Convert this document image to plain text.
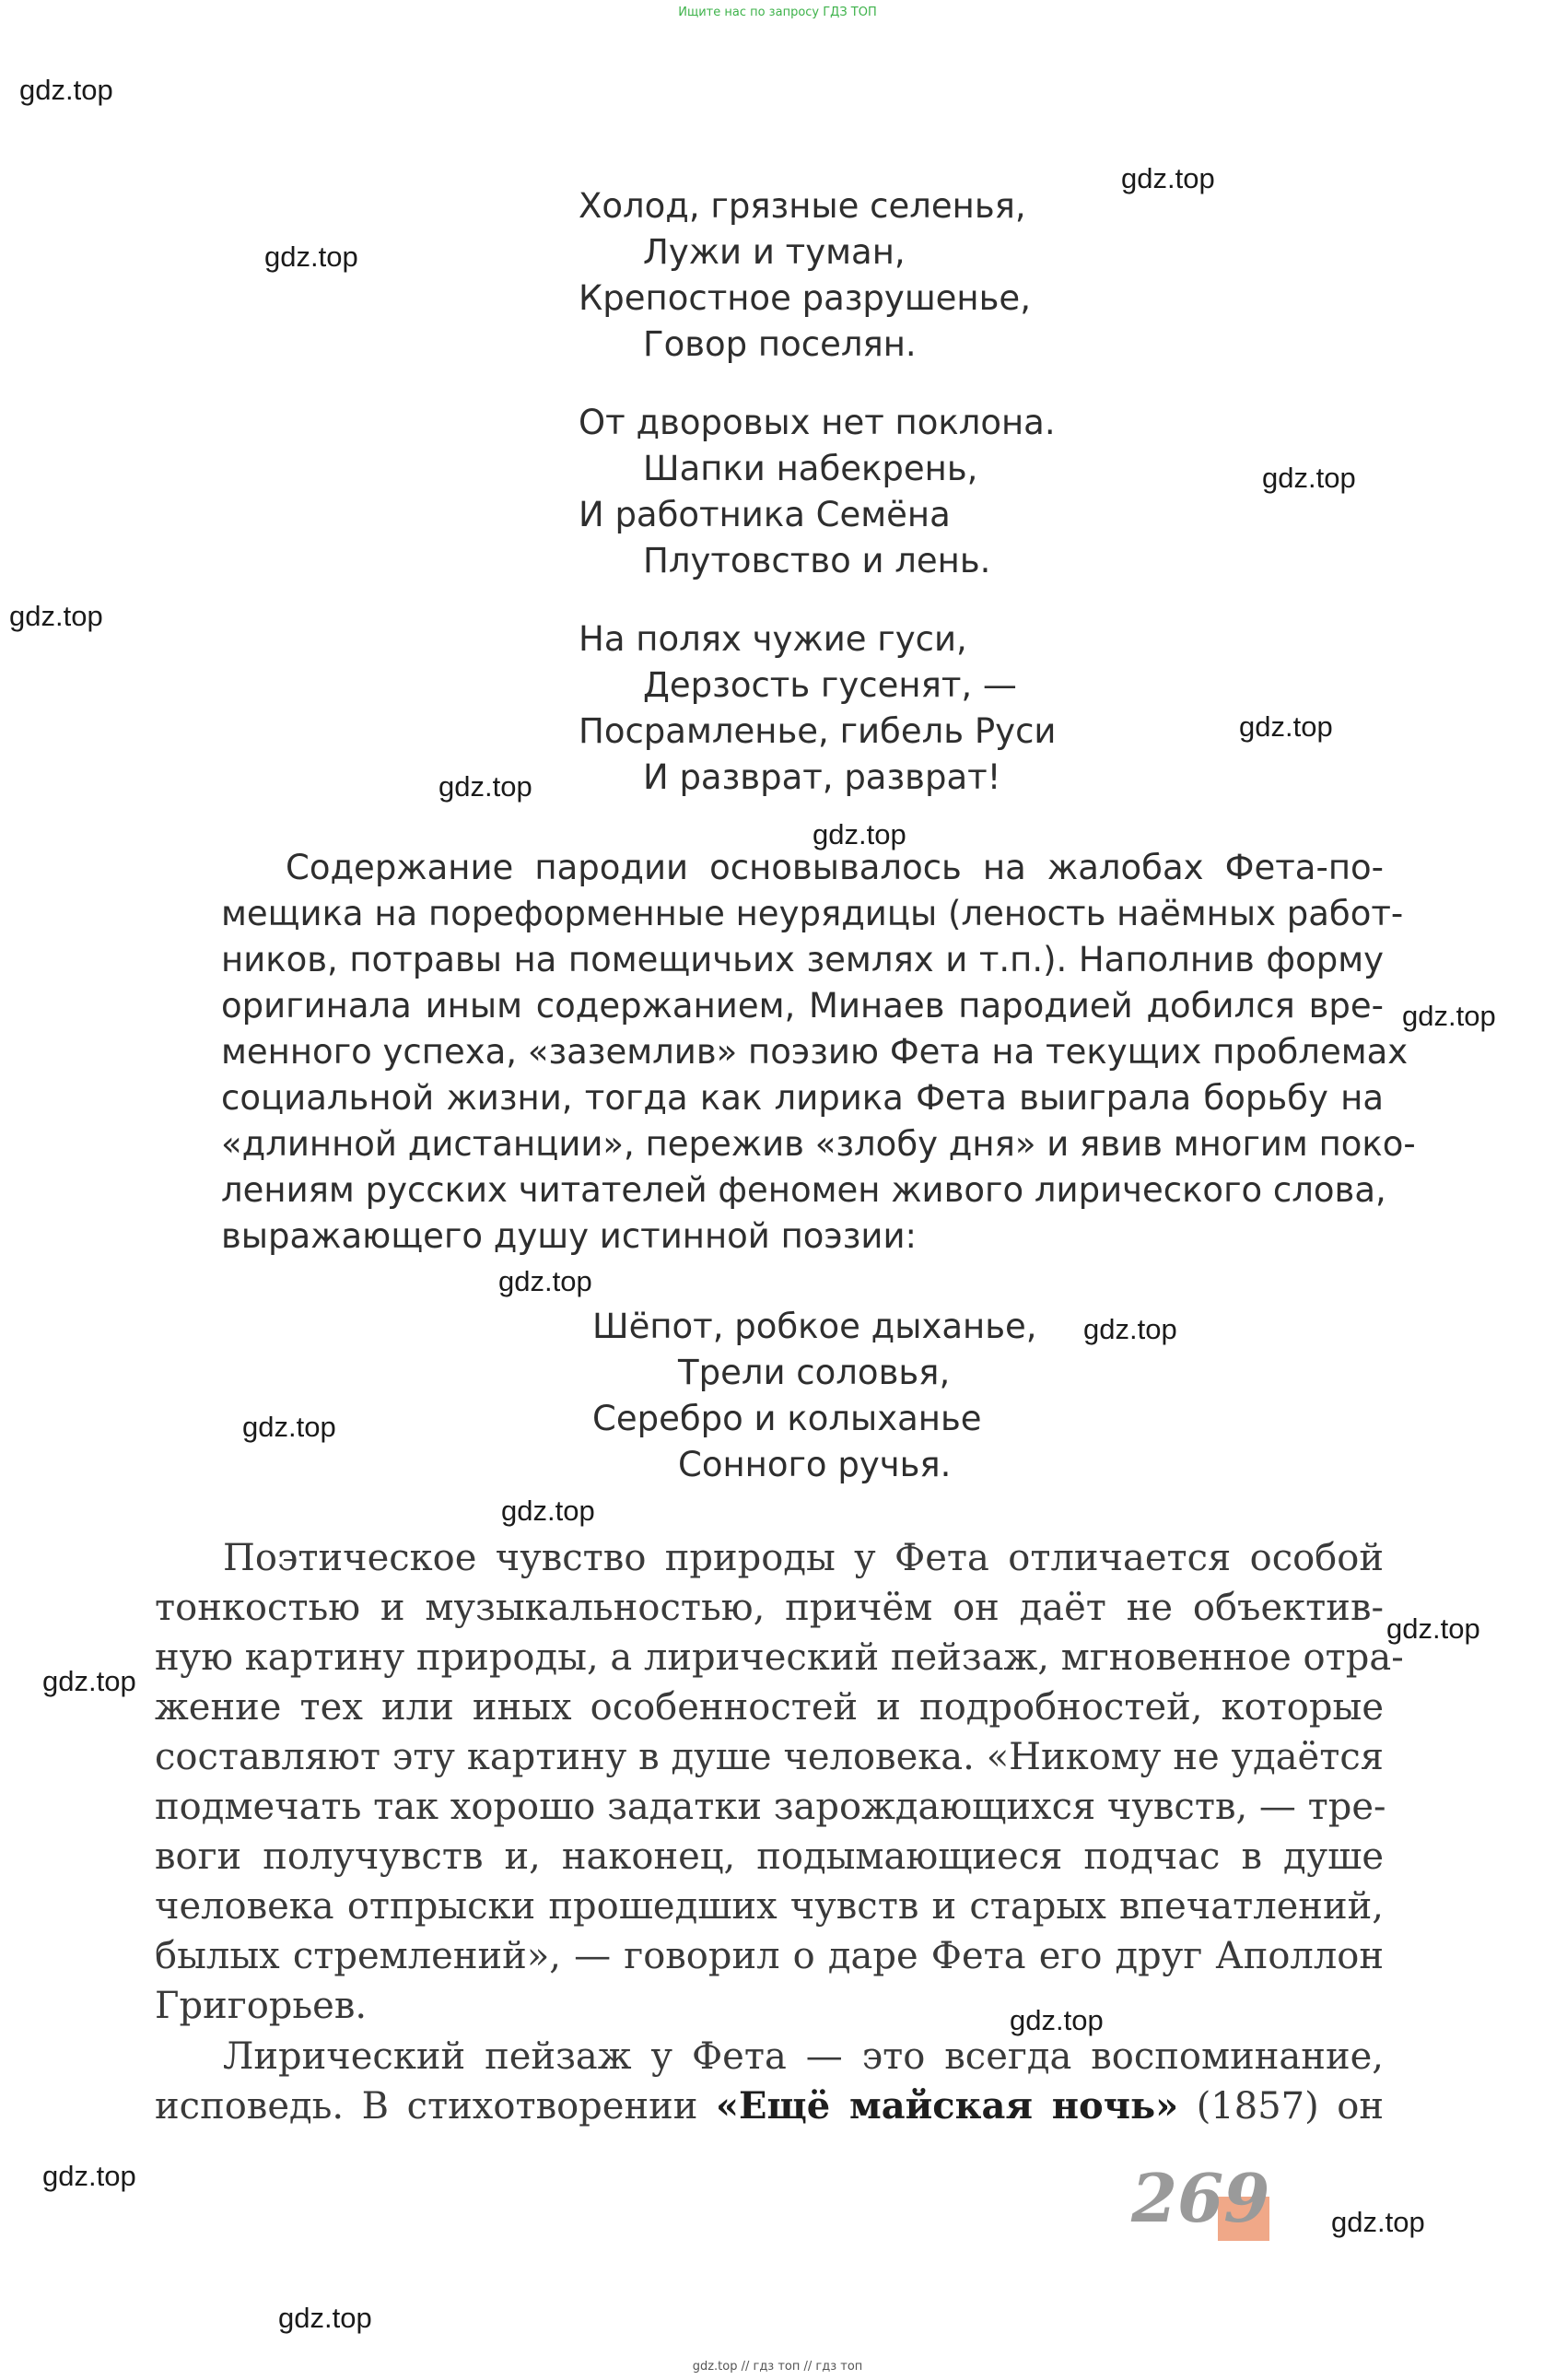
Ищите нас по запросу ГДЗ ТОП
gdz.top
gdz.top
gdz.top
gdz.top
gdz.top
gdz.top
gdz.top
gdz.top
gdz.top
gdz.top
gdz.top
gdz.top
gdz.top
gdz.top
gdz.top
gdz.top
gdz.top
gdz.top
gdz.top
Холод, грязные селенья,
Лужи и туман,
Крепостное разрушенье,
Говор поселян.
От дворовых нет поклона.
Шапки набекрень,
И работника Семёна
Плутовство и лень.
На полях чужие гуси,
Дерзость гусенят, —
Посрамленье, гибель Руси
И разврат, разврат!
Содержание пародии основывалось на жалобах Фета-по-
мещика на пореформенные неурядицы (леность наёмных работ-
ников, потравы на помещичьих землях и т.п.). Наполнив форму
оригинала иным содержанием, Минаев пародией добился вре-
менного успеха, «заземлив» поэзию Фета на текущих проблемах
социальной жизни, тогда как лирика Фета выиграла борьбу на
«длинной дистанции», пережив «злобу дня» и явив многим поко-
лениям русских читателей феномен живого лирического слова,
выражающего душу истинной поэзии:
Шёпот, робкое дыханье,
Трели соловья,
Серебро и колыханье
Сонного ручья.
Поэтическое чувство природы у Фета отличается особой
тонкостью и музыкальностью, причём он даёт не объектив-
ную картину природы, а лирический пейзаж, мгновенное отра-
жение тех или иных особенностей и подробностей, которые
составляют эту картину в душе человека. «Никому не удаётся
подмечать так хорошо задатки зарождающихся чувств, — тре-
воги получувств и, наконец, подымающиеся подчас в душе
человека отпрыски прошедших чувств и старых впечатлений,
былых стремлений», — говорил о даре Фета его друг Аполлон
Григорьев.
Лирический пейзаж у Фета — это всегда воспоминание,
исповедь. В стихотворении «Ещё майская ночь» (1857) он
269
gdz.top // гдз топ // гдз топ
